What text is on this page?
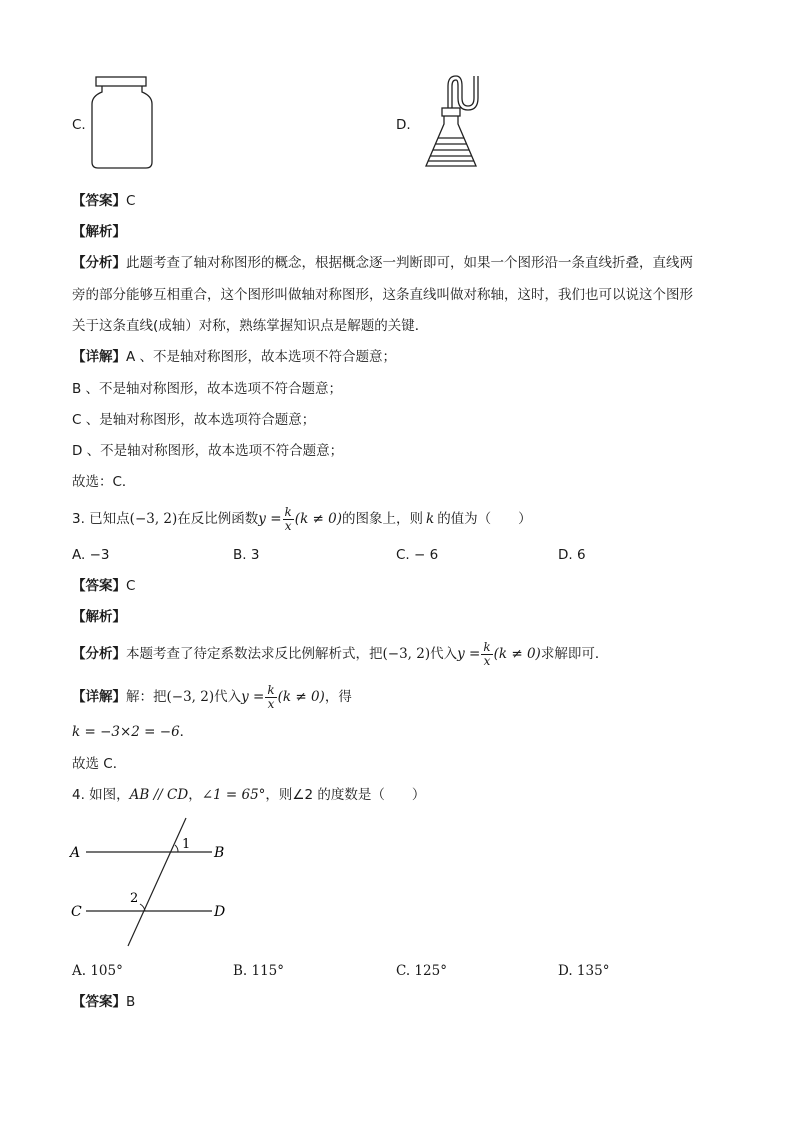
C.	D.
【答案】C
【解析】
【分析】此题考查了轴对称图形的概念，根据概念逐一判断即可，如果一个图形沿一条直线折叠，直线两
旁的部分能够互相重合，这个图形叫做轴对称图形，这条直线叫做对称轴，这时，我们也可以说这个图形
关于这条直线(成轴）对称，熟练掌握知识点是解题的关键．
【详解】A 、不是轴对称图形，故本选项不符合题意；
B 、不是轴对称图形，故本选项不符合题意；
C 、是轴对称图形，故本选项符合题意；
D 、不是轴对称图形，故本选项不符合题意；
故选：C．
3. 已知点 (−3, 2) 在反比例函数 $y = \frac{k}{x} (k \ne 0)$ 的图象上，则 k 的值为（　　）
A. −3	B. 3	C. − 6	D. 6
【答案】C
【解析】
【分析】 本题考查了待定系数法求反比例解析式，把 (−3, 2) 代入 $y = \frac{k}{x} (k \ne 0)$ 求解即可．
【详解】 解：把 (−3, 2) 代入 $y = \frac{k}{x} (k \ne 0)$ ，得
k = −3×2 = −6．
故选 C．
4. 如图，AB // CD，∠1 = 65°，则∠2 的度数是（　　）
A	B
C	D
1
2
A. 105°	B. 115°	C. 125°	D. 135°
【答案】B
